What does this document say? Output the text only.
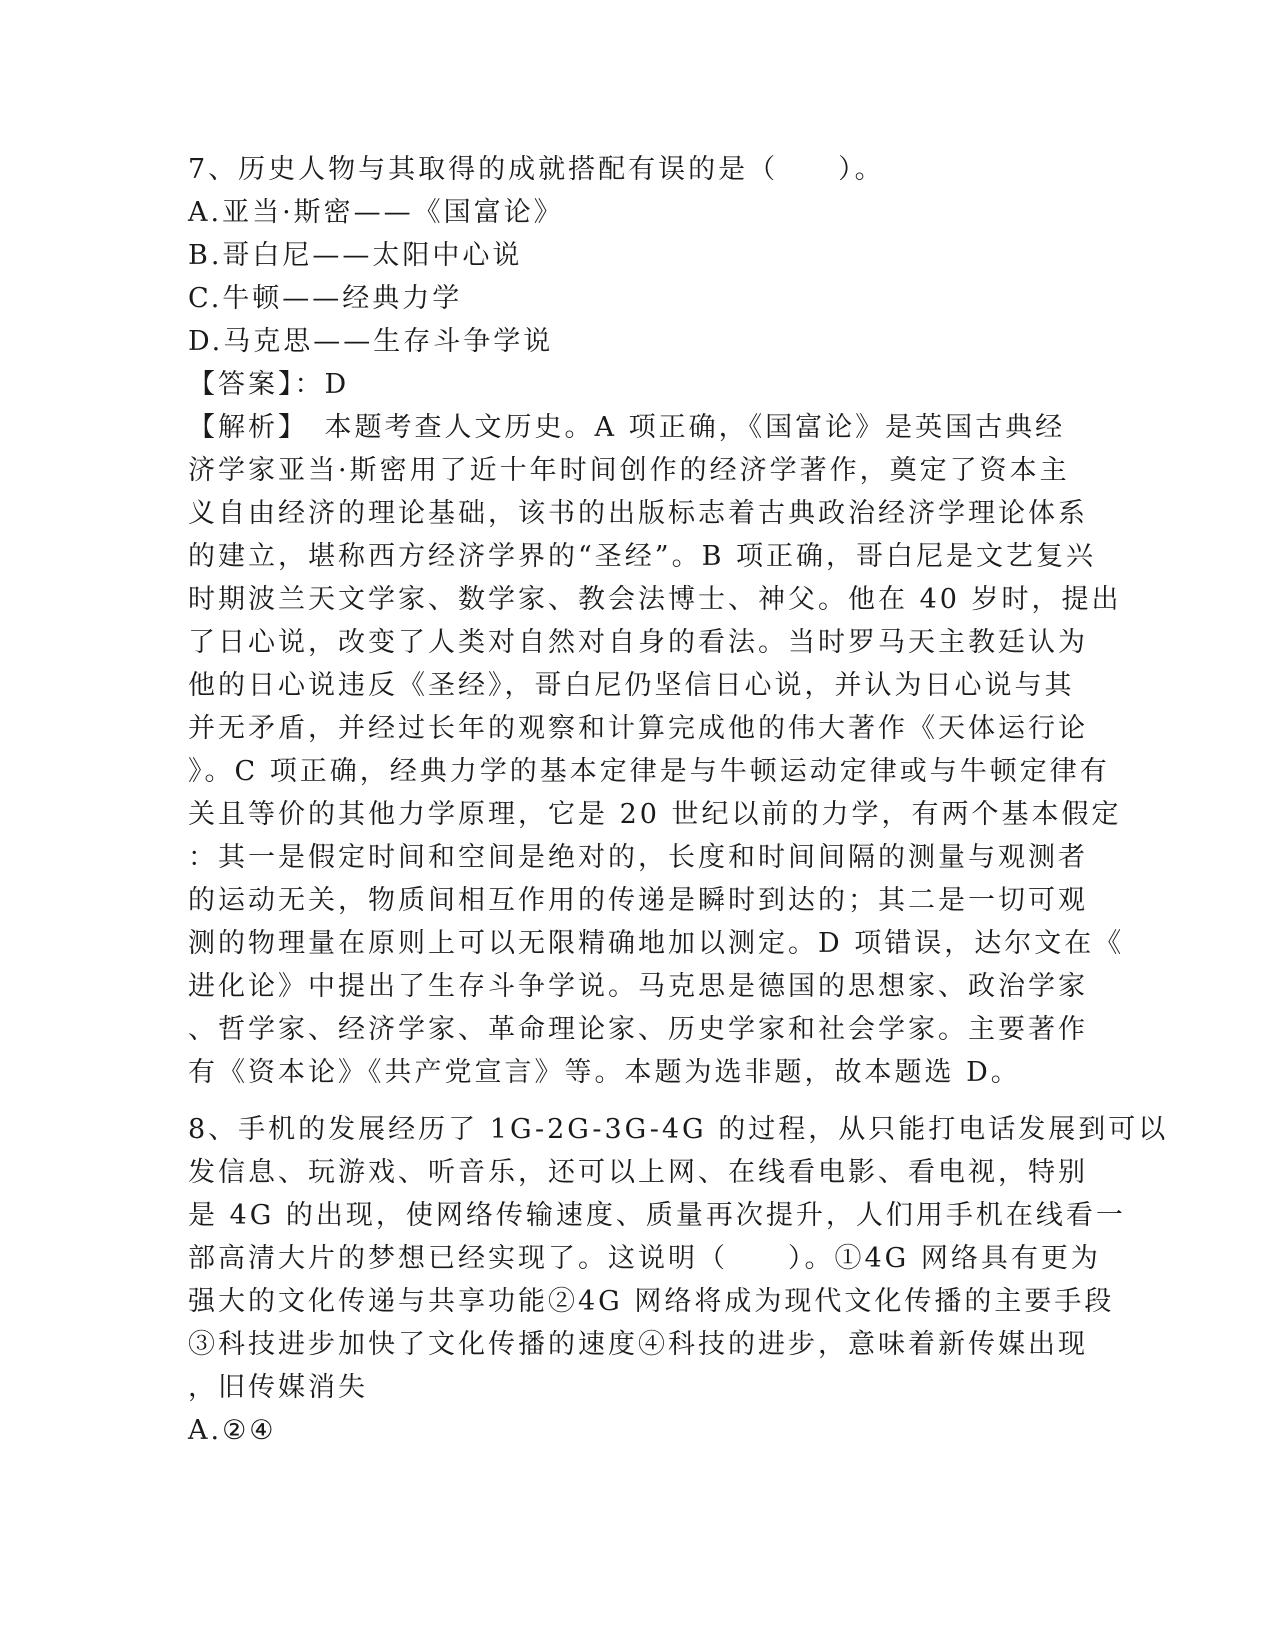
7、历史人物与其取得的成就搭配有误的是（　　）。
A.亚当·斯密——《国富论》
B.哥白尼——太阳中心说
C.牛顿——经典力学
D.马克思——生存斗争学说
【答案】：D
【解析】　本题考查人文历史。A 项正确，《国富论》是英国古典经
济学家亚当·斯密用了近十年时间创作的经济学著作，奠定了资本主
义自由经济的理论基础，该书的出版标志着古典政治经济学理论体系
的建立，堪称西方经济学界的“圣经”。B 项正确，哥白尼是文艺复兴
时期波兰天文学家、数学家、教会法博士、神父。他在 40 岁时，提出
了日心说，改变了人类对自然对自身的看法。当时罗马天主教廷认为
他的日心说违反《圣经》，哥白尼仍坚信日心说，并认为日心说与其
并无矛盾，并经过长年的观察和计算完成他的伟大著作《天体运行论
》。C 项正确，经典力学的基本定律是与牛顿运动定律或与牛顿定律有
关且等价的其他力学原理，它是 20 世纪以前的力学，有两个基本假定
：其一是假定时间和空间是绝对的，长度和时间间隔的测量与观测者
的运动无关，物质间相互作用的传递是瞬时到达的；其二是一切可观
测的物理量在原则上可以无限精确地加以测定。D 项错误，达尔文在《
进化论》中提出了生存斗争学说。马克思是德国的思想家、政治学家
、哲学家、经济学家、革命理论家、历史学家和社会学家。主要著作
有《资本论》《共产党宣言》等。本题为选非题，故本题选 D。
8、手机的发展经历了 1G-2G-3G-4G 的过程，从只能打电话发展到可以
发信息、玩游戏、听音乐，还可以上网、在线看电影、看电视，特别
是 4G 的出现，使网络传输速度、质量再次提升，人们用手机在线看一
部高清大片的梦想已经实现了。这说明（　　）。①4G 网络具有更为
强大的文化传递与共享功能②4G 网络将成为现代文化传播的主要手段
③科技进步加快了文化传播的速度④科技的进步，意味着新传媒出现
，旧传媒消失
A.②④
